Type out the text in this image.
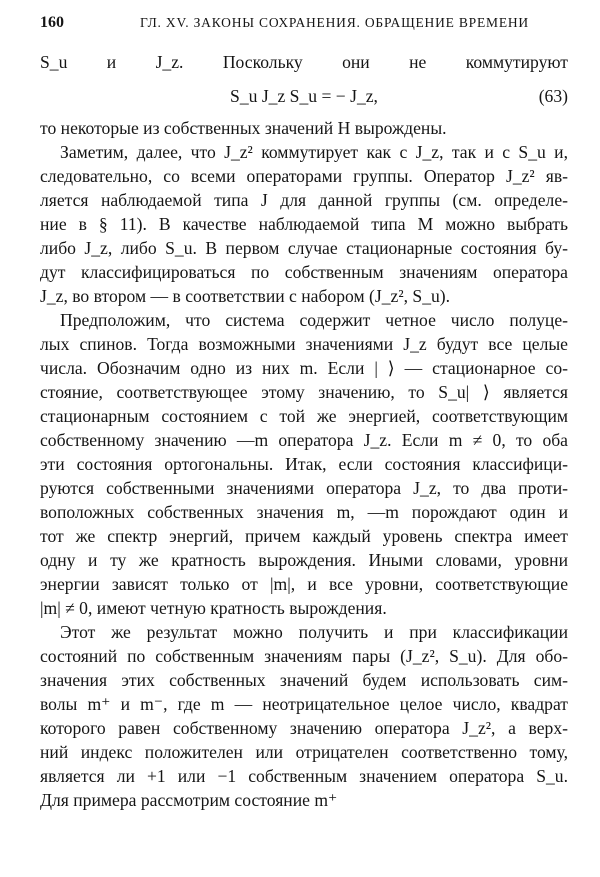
160	ГЛ. XV. ЗАКОНЫ СОХРАНЕНИЯ. ОБРАЩЕНИЕ ВРЕМЕНИ
S_u и J_z. Поскольку они не коммутируют
S_u J_z S_u = − J_z,	(63)
то некоторые из собственных значений H вырождены.
Заметим, далее, что J_z² коммутирует как с J_z, так и с S_u и,
следовательно, со всеми операторами группы. Оператор J_z² яв-
ляется наблюдаемой типа J для данной группы (см. определе-
ние в § 11). В качестве наблюдаемой типа M можно выбрать
либо J_z, либо S_u. В первом случае стационарные состояния бу-
дут классифицироваться по собственным значениям оператора
J_z, во втором — в соответствии с набором (J_z², S_u).
Предположим, что система содержит четное число полуце-
лых спинов. Тогда возможными значениями J_z будут все целые
числа. Обозначим одно из них m. Если | ⟩ — стационарное со-
стояние, соответствующее этому значению, то S_u| ⟩ является
стационарным состоянием с той же энергией, соответствующим
собственному значению —m оператора J_z. Если m ≠ 0, то оба
эти состояния ортогональны. Итак, если состояния классифици-
руются собственными значениями оператора J_z, то два проти-
воположных собственных значения m, —m порождают один и
тот же спектр энергий, причем каждый уровень спектра имеет
одну и ту же кратность вырождения. Иными словами, уровни
энергии зависят только от |m|, и все уровни, соответствующие
|m| ≠ 0, имеют четную кратность вырождения.
Этот же результат можно получить и при классификации
состояний по собственным значениям пары (J_z², S_u). Для обо-
значения этих собственных значений будем использовать сим-
волы m⁺ и m⁻, где m — неотрицательное целое число, квадрат
которого равен собственному значению оператора J_z², а верх-
ний индекс положителен или отрицателен соответственно тому,
является ли +1 или −1 собственным значением оператора S_u.
Для примера рассмотрим состояние m⁺
